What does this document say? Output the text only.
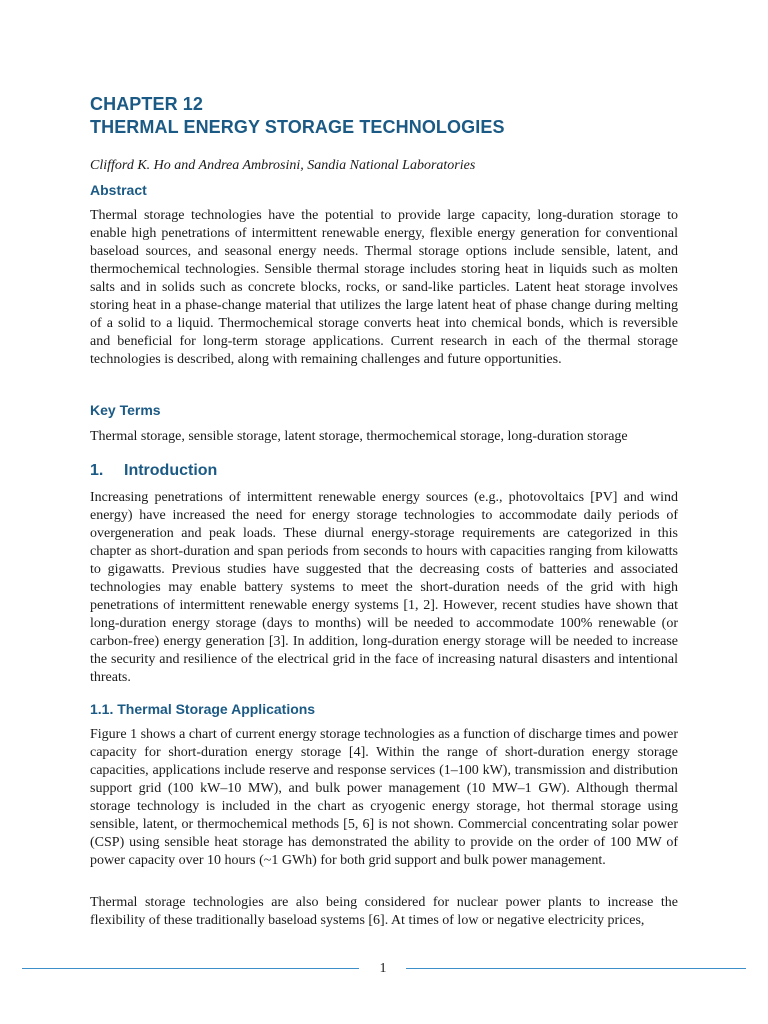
CHAPTER 12
THERMAL ENERGY STORAGE TECHNOLOGIES

Clifford K. Ho and Andrea Ambrosini, Sandia National Laboratories

Abstract

Thermal storage technologies have the potential to provide large capacity, long-duration storage to enable high penetrations of intermittent renewable energy, flexible energy generation for conventional baseload sources, and seasonal energy needs. Thermal storage options include sensible, latent, and thermochemical technologies. Sensible thermal storage includes storing heat in liquids such as molten salts and in solids such as concrete blocks, rocks, or sand-like particles. Latent heat storage involves storing heat in a phase-change material that utilizes the large latent heat of phase change during melting of a solid to a liquid. Thermochemical storage converts heat into chemical bonds, which is reversible and beneficial for long-term storage applications. Current research in each of the thermal storage technologies is described, along with remaining challenges and future opportunities.

Key Terms

Thermal storage, sensible storage, latent storage, thermochemical storage, long-duration storage

1. Introduction

Increasing penetrations of intermittent renewable energy sources (e.g., photovoltaics [PV] and wind energy) have increased the need for energy storage technologies to accommodate daily periods of overgeneration and peak loads. These diurnal energy-storage requirements are categorized in this chapter as short-duration and span periods from seconds to hours with capacities ranging from kilowatts to gigawatts. Previous studies have suggested that the decreasing costs of batteries and associated technologies may enable battery systems to meet the short-duration needs of the grid with high penetrations of intermittent renewable energy systems [1, 2]. However, recent studies have shown that long-duration energy storage (days to months) will be needed to accommodate 100% renewable (or carbon-free) energy generation [3]. In addition, long-duration energy storage will be needed to increase the security and resilience of the electrical grid in the face of increasing natural disasters and intentional threats.

1.1. Thermal Storage Applications

Figure 1 shows a chart of current energy storage technologies as a function of discharge times and power capacity for short-duration energy storage [4]. Within the range of short-duration energy storage capacities, applications include reserve and response services (1–100 kW), transmission and distribution support grid (100 kW–10 MW), and bulk power management (10 MW–1 GW). Although thermal storage technology is included in the chart as cryogenic energy storage, hot thermal storage using sensible, latent, or thermochemical methods [5, 6] is not shown. Commercial concentrating solar power (CSP) using sensible heat storage has demonstrated the ability to provide on the order of 100 MW of power capacity over 10 hours (~1 GWh) for both grid support and bulk power management.

Thermal storage technologies are also being considered for nuclear power plants to increase the flexibility of these traditionally baseload systems [6]. At times of low or negative electricity prices,

1
